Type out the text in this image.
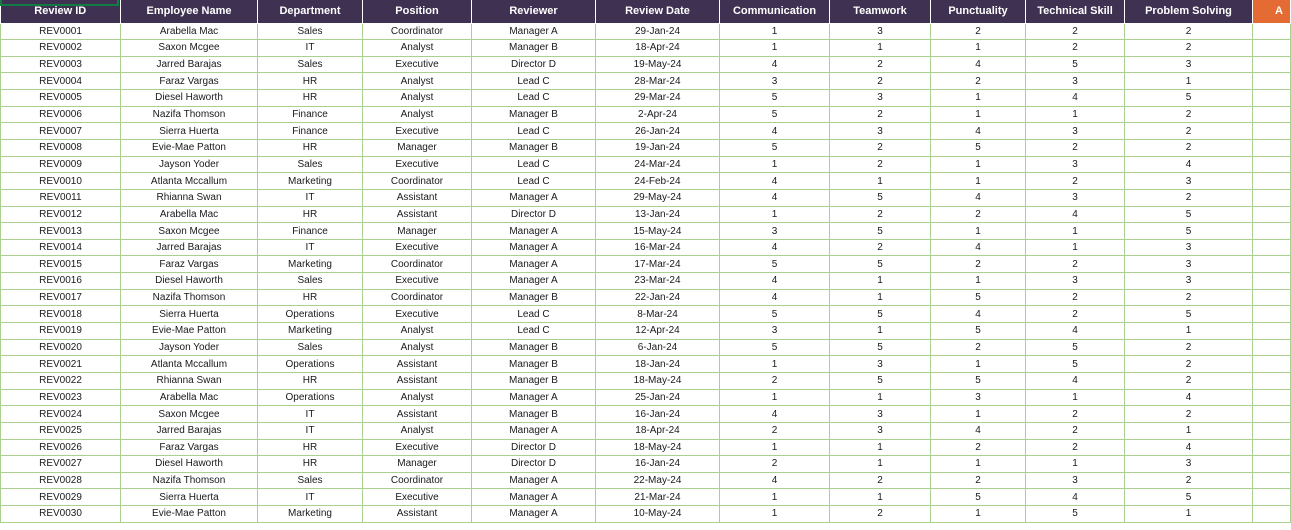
Review ID	Employee Name	Department	Position	Reviewer	Review Date	Communication	Teamwork	Punctuality	Technical Skill	Problem Solving	A
REV0001	Arabella Mac	Sales	Coordinator	Manager A	29-Jan-24	1	3	2	2	2	
REV0002	Saxon Mcgee	IT	Analyst	Manager B	18-Apr-24	1	1	1	2	2	
REV0003	Jarred Barajas	Sales	Executive	Director D	19-May-24	4	2	4	5	3	
REV0004	Faraz Vargas	HR	Analyst	Lead C	28-Mar-24	3	2	2	3	1	
REV0005	Diesel Haworth	HR	Analyst	Lead C	29-Mar-24	5	3	1	4	5	
REV0006	Nazifa Thomson	Finance	Analyst	Manager B	2-Apr-24	5	2	1	1	2	
REV0007	Sierra Huerta	Finance	Executive	Lead C	26-Jan-24	4	3	4	3	2	
REV0008	Evie-Mae Patton	HR	Manager	Manager B	19-Jan-24	5	2	5	2	2	
REV0009	Jayson Yoder	Sales	Executive	Lead C	24-Mar-24	1	2	1	3	4	
REV0010	Atlanta Mccallum	Marketing	Coordinator	Lead C	24-Feb-24	4	1	1	2	3	
REV0011	Rhianna Swan	IT	Assistant	Manager A	29-May-24	4	5	4	3	2	
REV0012	Arabella Mac	HR	Assistant	Director D	13-Jan-24	1	2	2	4	5	
REV0013	Saxon Mcgee	Finance	Manager	Manager A	15-May-24	3	5	1	1	5	
REV0014	Jarred Barajas	IT	Executive	Manager A	16-Mar-24	4	2	4	1	3	
REV0015	Faraz Vargas	Marketing	Coordinator	Manager A	17-Mar-24	5	5	2	2	3	
REV0016	Diesel Haworth	Sales	Executive	Manager A	23-Mar-24	4	1	1	3	3	
REV0017	Nazifa Thomson	HR	Coordinator	Manager B	22-Jan-24	4	1	5	2	2	
REV0018	Sierra Huerta	Operations	Executive	Lead C	8-Mar-24	5	5	4	2	5	
REV0019	Evie-Mae Patton	Marketing	Analyst	Lead C	12-Apr-24	3	1	5	4	1	
REV0020	Jayson Yoder	Sales	Analyst	Manager B	6-Jan-24	5	5	2	5	2	
REV0021	Atlanta Mccallum	Operations	Assistant	Manager B	18-Jan-24	1	3	1	5	2	
REV0022	Rhianna Swan	HR	Assistant	Manager B	18-May-24	2	5	5	4	2	
REV0023	Arabella Mac	Operations	Analyst	Manager A	25-Jan-24	1	1	3	1	4	
REV0024	Saxon Mcgee	IT	Assistant	Manager B	16-Jan-24	4	3	1	2	2	
REV0025	Jarred Barajas	IT	Analyst	Manager A	18-Apr-24	2	3	4	2	1	
REV0026	Faraz Vargas	HR	Executive	Director D	18-May-24	1	1	2	2	4	
REV0027	Diesel Haworth	HR	Manager	Director D	16-Jan-24	2	1	1	1	3	
REV0028	Nazifa Thomson	Sales	Coordinator	Manager A	22-May-24	4	2	2	3	2	
REV0029	Sierra Huerta	IT	Executive	Manager A	21-Mar-24	1	1	5	4	5	
REV0030	Evie-Mae Patton	Marketing	Assistant	Manager A	10-May-24	1	2	1	5	1	
